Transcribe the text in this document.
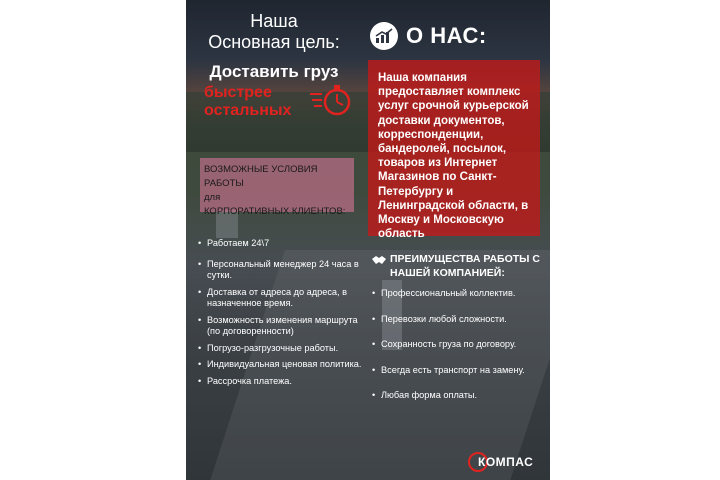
Наша
Основная цель:
Доставить груз
быстрее
остальных
О НАС:
Наша компания предоставляет комплекс услуг срочной курьерской доставки документов, корреспонденции, бандеролей, посылок, товаров из Интернет Магазинов по Санкт-Петербургу и Ленинградской области, в Москву и Московскую область
ВОЗМОЖНЫЕ УСЛОВИЯ РАБОТЫ
для
КОРПОРАТИВНЫХ КЛИЕНТОВ:
• Работаем 24\7
• Персональный менеджер 24 часа в сутки.
• Доставка от адреса до адреса, в назначенное время.
• Возможность изменения маршрута (по договоренности)
• Погрузо-разгрузочные работы.
• Индивидуальная ценовая политика.
• Рассрочка платежа.
ПРЕИМУЩЕСТВА РАБОТЫ С
НАШЕЙ КОМПАНИЕЙ:
• Профессиональный коллектив.
• Перевозки любой сложности.
• Сохранность груза по договору.
• Всегда есть транспорт на замену.
• Любая форма оплаты.
КОМПАС
